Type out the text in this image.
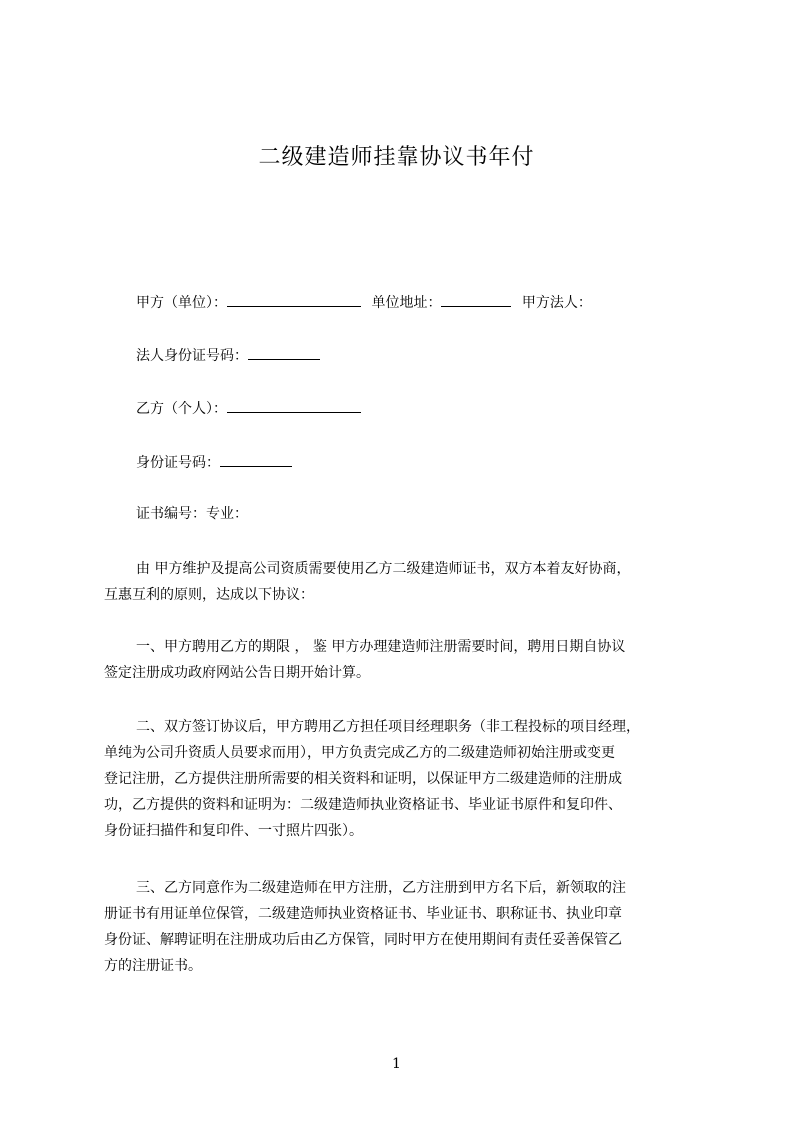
二级建造师挂靠协议书年付
甲方（单位）：	单位地址：	甲方法人：
法人身份证号码：
乙方（个人）：
身份证号码：
证书编号：专业：
由 甲方维护及提高公司资质需要使用乙方二级建造师证书，双方本着友好协商，
互惠互利的原则，达成以下协议：
一、甲方聘用乙方的期限 ， 鉴 甲方办理建造师注册需要时间，聘用日期自协议
签定注册成功政府网站公告日期开始计算。
二、双方签订协议后，甲方聘用乙方担任项目经理职务（非工程投标的项目经理，
单纯为公司升资质人员要求而用），甲方负责完成乙方的二级建造师初始注册或变更
登记注册，乙方提供注册所需要的相关资料和证明，以保证甲方二级建造师的注册成
功，乙方提供的资料和证明为：二级建造师执业资格证书、毕业证书原件和复印件、
身份证扫描件和复印件、一寸照片四张）。
三、乙方同意作为二级建造师在甲方注册，乙方注册到甲方名下后，新领取的注
册证书有用证单位保管，二级建造师执业资格证书、毕业证书、职称证书、执业印章
身份证、解聘证明在注册成功后由乙方保管，同时甲方在使用期间有责任妥善保管乙
方的注册证书。
1
